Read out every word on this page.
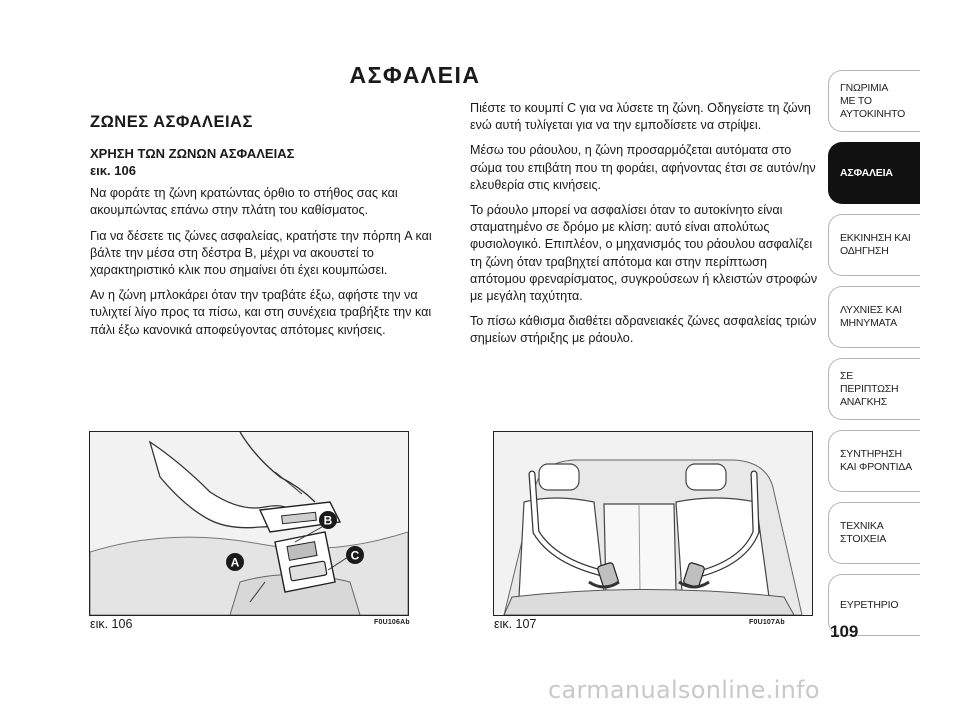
ΑΣΦΑΛΕΙΑ
ΖΩΝΕΣ ΑΣΦΑΛΕΙΑΣ
ΧΡΗΣΗ ΤΩΝ ΖΩΝΩΝ ΑΣΦΑΛΕΙΑΣ
εικ. 106

Να φοράτε τη ζώνη κρατώντας όρθιο το στήθος σας και ακουμπώντας επάνω στην πλάτη του καθίσματος.

Για να δέσετε τις ζώνες ασφαλείας, κρατήστε την πόρπη A και βάλτε την μέσα στη δέστρα B, μέχρι να ακουστεί το χαρακτηριστικό κλικ που σημαίνει ότι έχει κουμπώσει.

Αν η ζώνη μπλοκάρει όταν την τραβάτε έξω, αφήστε την να τυλιχτεί λίγο προς τα πίσω, και στη συνέχεια τραβήξτε την και πάλι έξω κανονικά αποφεύγοντας απότομες κινήσεις.

Πιέστε το κουμπί C για να λύσετε τη ζώνη. Οδηγείστε τη ζώνη ενώ αυτή τυλίγεται για να την εμποδίσετε να στρίψει.

Μέσω του ράουλου, η ζώνη προσαρμόζεται αυτόματα στο σώμα του επιβάτη που τη φοράει, αφήνοντας έτσι σε αυτόν/ην ελευθερία στις κινήσεις.

Το ράουλο μπορεί να ασφαλίσει όταν το αυτοκίνητο είναι σταματημένο σε δρόμο με κλίση: αυτό είναι απολύτως φυσιολογικό. Επιπλέον, ο μηχανισμός του ράουλου ασφαλίζει τη ζώνη όταν τραβηχτεί απότομα και στην περίπτωση απότομου φρεναρίσματος, συγκρούσεων ή κλειστών στροφών με μεγάλη ταχύτητα.

Το πίσω κάθισμα διαθέτει αδρανειακές ζώνες ασφαλείας τριών σημείων στήριξης με ράουλο.

A
B
C
εικ. 106	F0U106Ab	εικ. 107	F0U107Ab
ΓΝΩΡΙΜΙΑ
ΜΕ ΤΟ
ΑΥΤΟΚΙΝΗΤΟ
ΑΣΦΑΛΕΙΑ
ΕΚΚΙΝΗΣΗ ΚΑΙ
ΟΔΗΓΗΣΗ
ΛΥΧΝΙΕΣ ΚΑΙ
ΜΗΝΥΜΑΤΑ
ΣΕ ΠΕΡΙΠΤΩΣΗ
ΑΝΑΓΚΗΣ
ΣΥΝΤΗΡΗΣΗ
ΚΑΙ ΦΡΟΝΤΙΔΑ
ΤΕΧΝΙΚΑ
ΣΤΟΙΧΕΙΑ
ΕΥΡΕΤΗΡΙΟ
109
carmanualsonline.info
